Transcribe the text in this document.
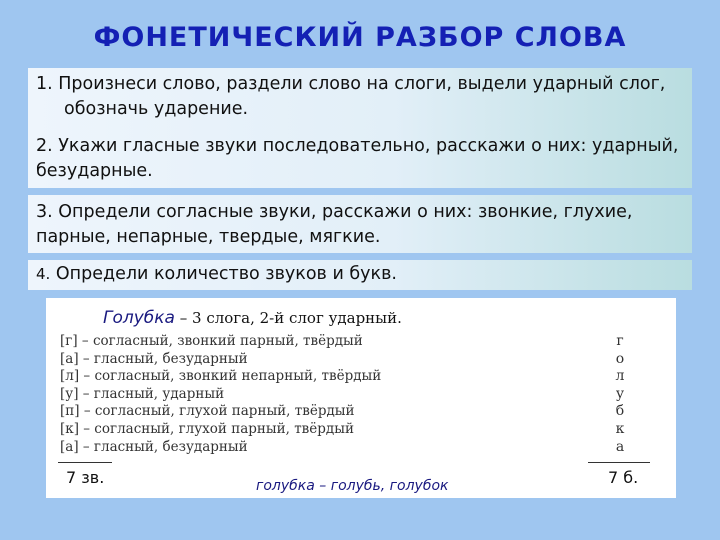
ФОНЕТИЧЕСКИЙ РАЗБОР СЛОВА
1. Произнеси слово, раздели слово на слоги, выдели ударный слог, обозначь ударение.
2. Укажи гласные звуки последовательно, расскажи о них: ударный, безударные.
3. Определи согласные звуки, расскажи о них: звонкие, глухие, парные, непарные, твердые, мягкие.
4. Определи количество звуков и букв.
Голубка – 3 слога, 2-й слог ударный.
[г] – согласный, звонкий парный, твёрдый
[а] – гласный, безударный
[л] – согласный, звонкий непарный, твёрдый
[у] – гласный, ударный
[п] – согласный, глухой парный, твёрдый
[к] – согласный, глухой парный, твёрдый
[а] – гласный, безударный
г
о
л
у
б
к
а
7 зв.	7 б.
голубка – голубь, голубок
